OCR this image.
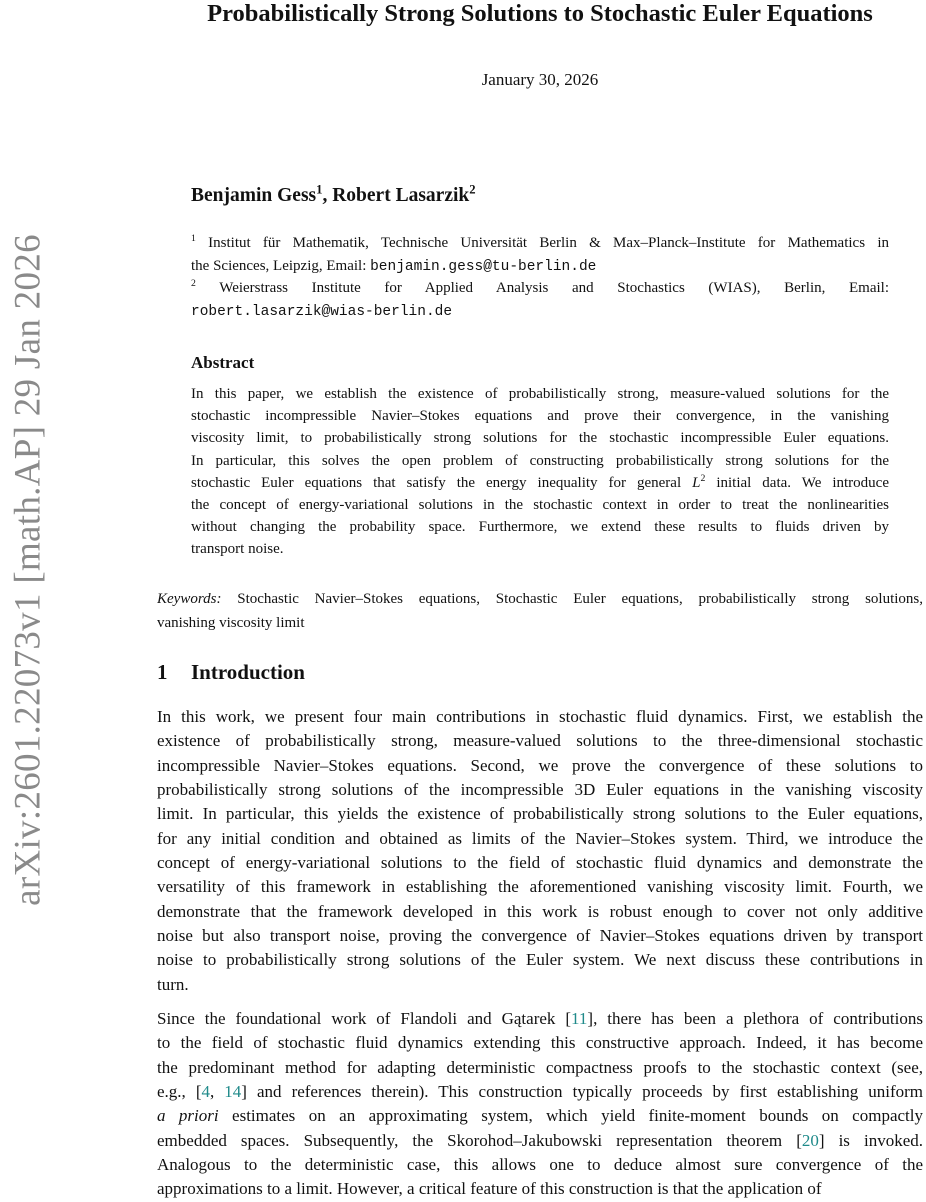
arXiv:2601.22073v1 [math.AP] 29 Jan 2026
Probabilistically Strong Solutions to Stochastic Euler Equations
January 30, 2026
Benjamin Gess$^1$, Robert Lasarzik$^2$
$^1$ Institut für Mathematik, Technische Universität Berlin & Max–Planck–Institute for Mathematics in
the Sciences, Leipzig, Email: benjamin.gess@tu-berlin.de
$^2$ Weierstrass Institute for Applied Analysis and Stochastics (WIAS), Berlin, Email:
robert.lasarzik@wias-berlin.de
Abstract
In this paper, we establish the existence of probabilistically strong, measure-valued solutions for the
stochastic incompressible Navier–Stokes equations and prove their convergence, in the vanishing
viscosity limit, to probabilistically strong solutions for the stochastic incompressible Euler equations.
In particular, this solves the open problem of constructing probabilistically strong solutions for the
stochastic Euler equations that satisfy the energy inequality for general $L^2$ initial data. We introduce
the concept of energy-variational solutions in the stochastic context in order to treat the nonlinearities
without changing the probability space. Furthermore, we extend these results to fluids driven by
transport noise.
Keywords: Stochastic Navier–Stokes equations, Stochastic Euler equations, probabilistically strong solutions,
vanishing viscosity limit
1 Introduction
In this work, we present four main contributions in stochastic fluid dynamics. First, we establish the
existence of probabilistically strong, measure-valued solutions to the three-dimensional stochastic
incompressible Navier–Stokes equations. Second, we prove the convergence of these solutions to
probabilistically strong solutions of the incompressible 3D Euler equations in the vanishing viscosity
limit. In particular, this yields the existence of probabilistically strong solutions to the Euler equations,
for any initial condition and obtained as limits of the Navier–Stokes system. Third, we introduce the
concept of energy-variational solutions to the field of stochastic fluid dynamics and demonstrate the
versatility of this framework in establishing the aforementioned vanishing viscosity limit. Fourth, we
demonstrate that the framework developed in this work is robust enough to cover not only additive
noise but also transport noise, proving the convergence of Navier–Stokes equations driven by transport
noise to probabilistically strong solutions of the Euler system. We next discuss these contributions in
turn.
Since the foundational work of Flandoli and Gątarek [11], there has been a plethora of contributions
to the field of stochastic fluid dynamics extending this constructive approach. Indeed, it has become
the predominant method for adapting deterministic compactness proofs to the stochastic context (see,
e.g., [4, 14] and references therein). This construction typically proceeds by first establishing uniform
a priori estimates on an approximating system, which yield finite-moment bounds on compactly
embedded spaces. Subsequently, the Skorohod–Jakubowski representation theorem [20] is invoked.
Analogous to the deterministic case, this allows one to deduce almost sure convergence of the
approximations to a limit. However, a critical feature of this construction is that the application of
